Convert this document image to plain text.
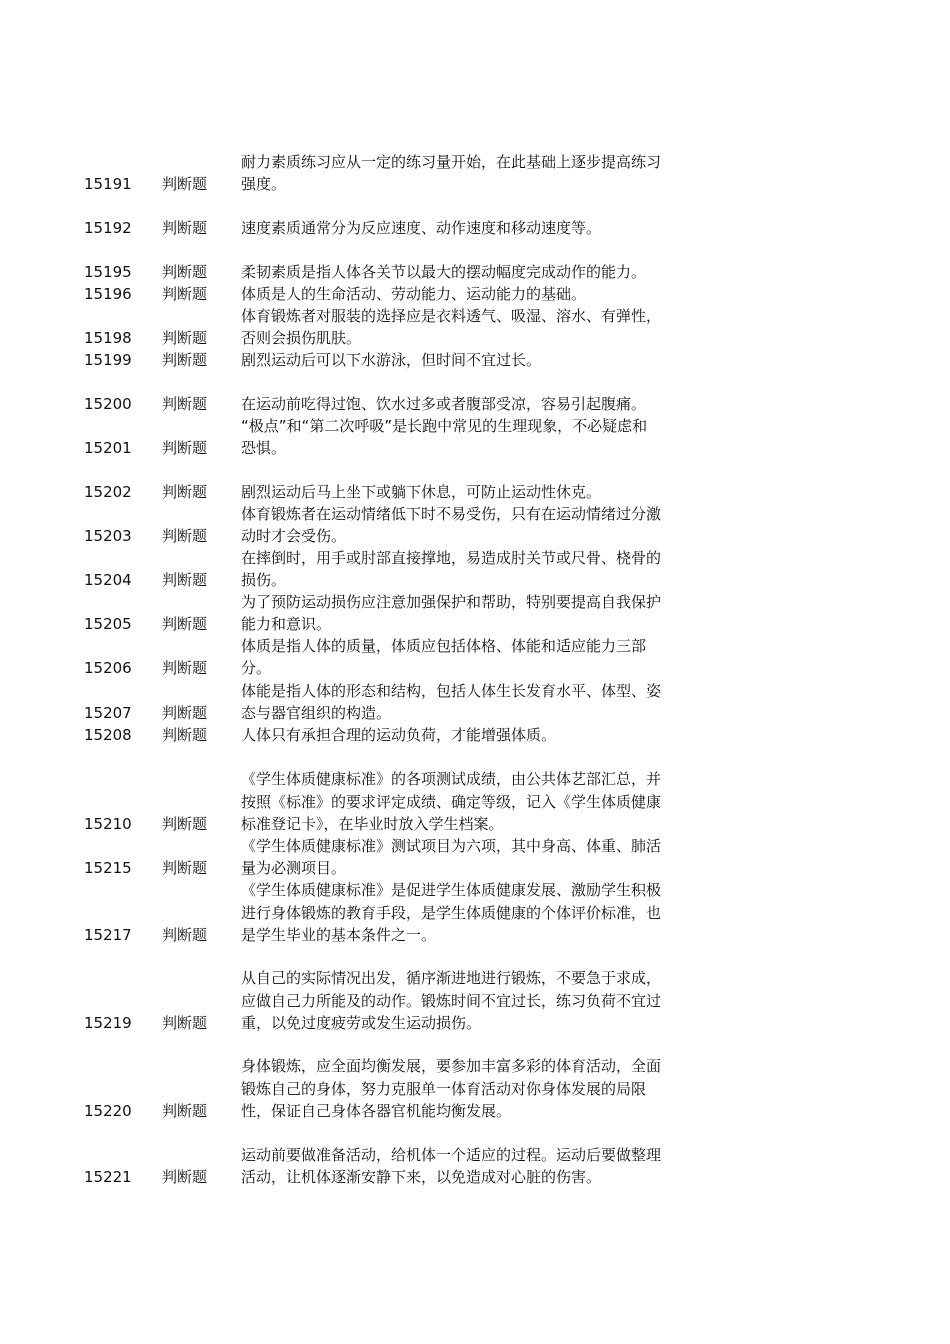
15191 判断题
耐力素质练习应从一定的练习量开始，在此基础上逐步提高练习强度。
15192 判断题 速度素质通常分为反应速度、动作速度和移动速度等。
15195 判断题 柔韧素质是指人体各关节以最大的摆动幅度完成动作的能力。
15196 判断题 体质是人的生命活动、劳动能力、运动能力的基础。
15198 判断题
体育锻炼者对服装的选择应是衣料透气、吸湿、溶水、有弹性，否则会损伤肌肤。
15199 判断题 剧烈运动后可以下水游泳，但时间不宜过长。
15200 判断题 在运动前吃得过饱、饮水过多或者腹部受凉，容易引起腹痛。
15201 判断题
“极点”和“第二次呼吸”是长跑中常见的生理现象，不必疑虑和恐惧。
15202 判断题 剧烈运动后马上坐下或躺下休息，可防止运动性休克。
15203 判断题
体育锻炼者在运动情绪低下时不易受伤，只有在运动情绪过分激动时才会受伤。
15204 判断题
在摔倒时，用手或肘部直接撑地，易造成肘关节或尺骨、桡骨的损伤。
15205 判断题
为了预防运动损伤应注意加强保护和帮助，特别要提高自我保护能力和意识。
15206 判断题
体质是指人体的质量，体质应包括体格、体能和适应能力三部分。
15207 判断题
体能是指人体的形态和结构，包括人体生长发育水平、体型、姿态与器官组织的构造。
15208 判断题 人体只有承担合理的运动负荷，才能增强体质。
15210 判断题
《学生体质健康标准》的各项测试成绩，由公共体艺部汇总，并按照《标准》的要求评定成绩、确定等级，记入《学生体质健康标准登记卡》，在毕业时放入学生档案。
15215 判断题
《学生体质健康标准》测试项目为六项，其中身高、体重、肺活量为必测项目。
15217 判断题
《学生体质健康标准》是促进学生体质健康发展、激励学生积极进行身体锻炼的教育手段，是学生体质健康的个体评价标准，也是学生毕业的基本条件之一。
15219 判断题
从自己的实际情况出发，循序渐进地进行锻炼，不要急于求成，应做自己力所能及的动作。锻炼时间不宜过长，练习负荷不宜过重，以免过度疲劳或发生运动损伤。
15220 判断题
身体锻炼，应全面均衡发展，要参加丰富多彩的体育活动，全面锻炼自己的身体，努力克服单一体育活动对你身体发展的局限性，保证自己身体各器官机能均衡发展。
15221 判断题
运动前要做准备活动，给机体一个适应的过程。运动后要做整理活动，让机体逐渐安静下来，以免造成对心脏的伤害。
